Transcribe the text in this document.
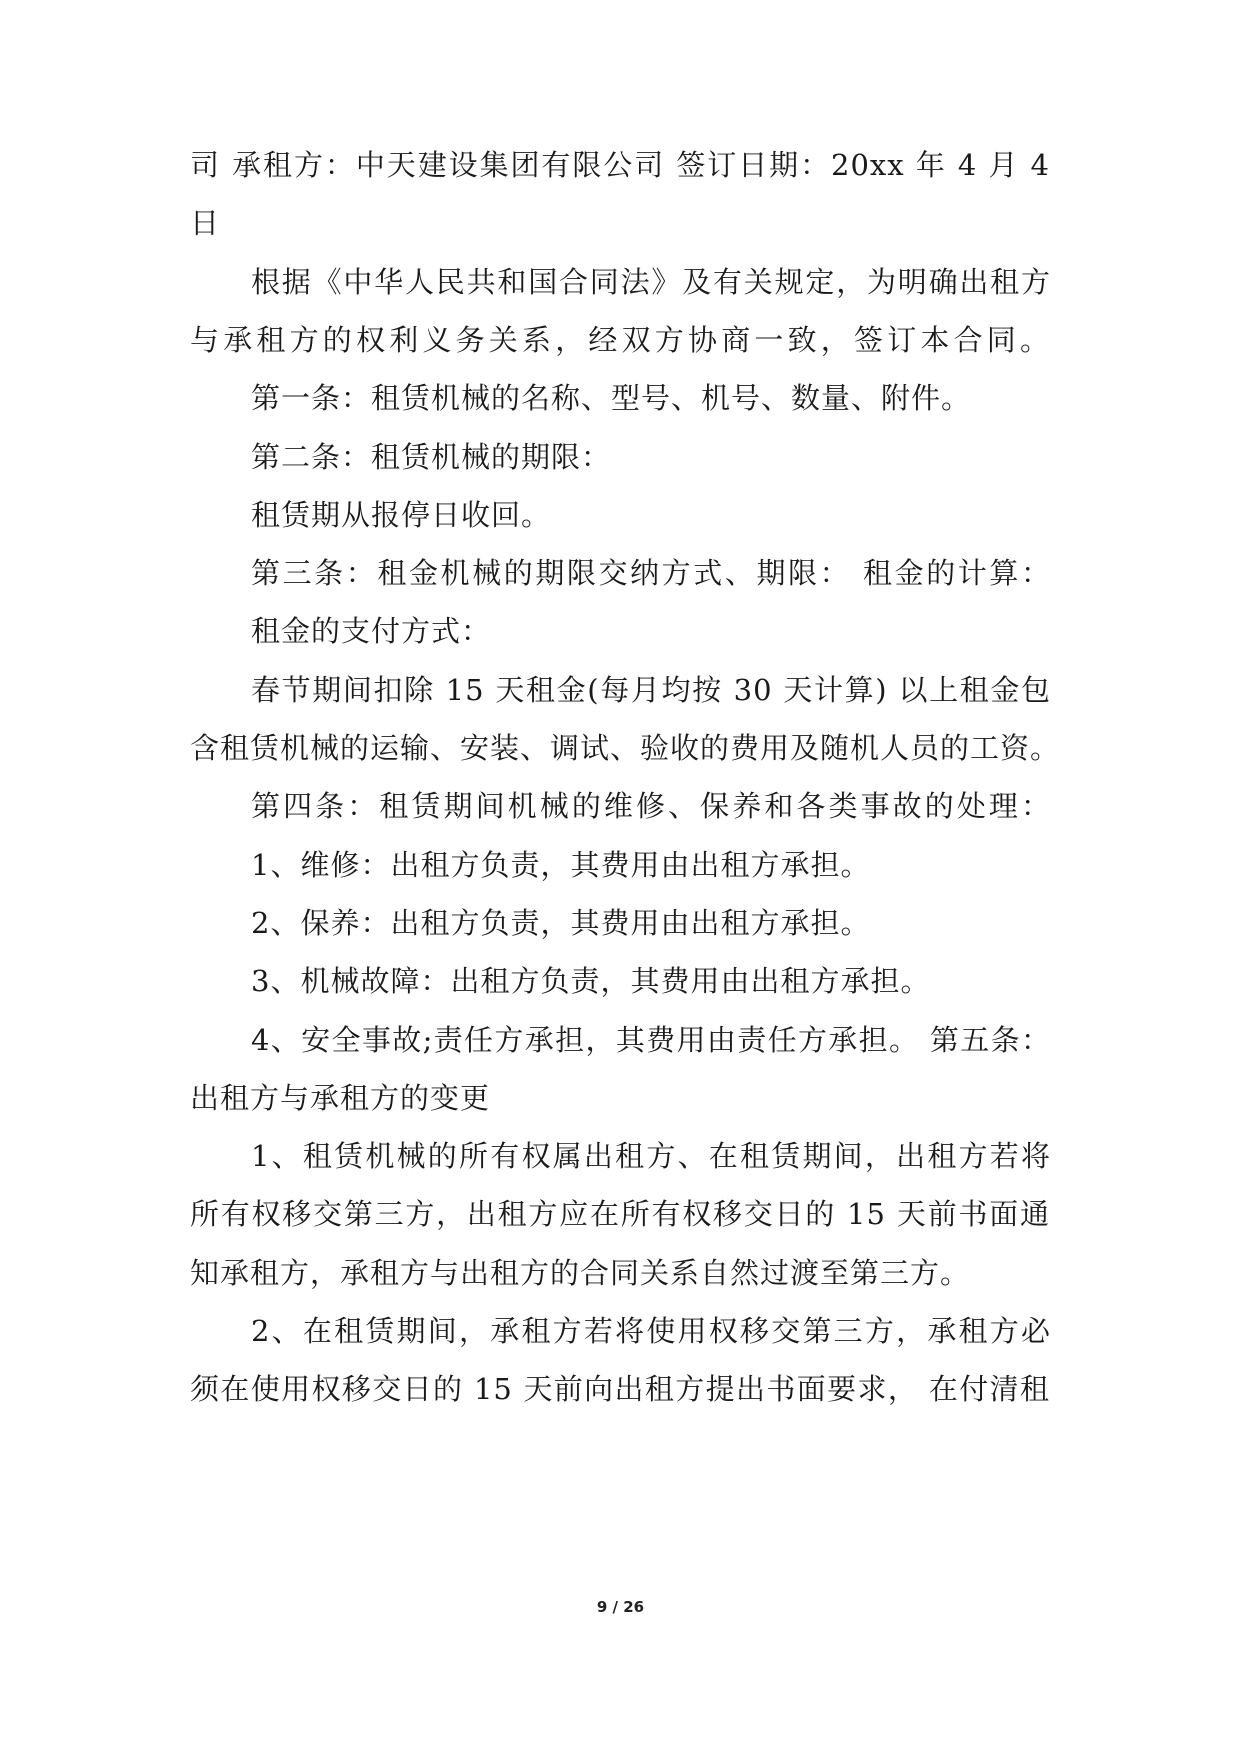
司 承租方：中天建设集团有限公司 签订日期：20xx 年 4 月 4
日
根据《中华人民共和国合同法》及有关规定，为明确出租方
与承租方的权利义务关系，经双方协商一致，签订本合同。
第一条：租赁机械的名称、型号、机号、数量、附件。
第二条：租赁机械的期限：
租赁期从报停日收回。
第三条：租金机械的期限交纳方式、期限： 租金的计算：
租金的支付方式：
春节期间扣除 15 天租金(每月均按 30 天计算) 以上租金包
含租赁机械的运输、安装、调试、验收的费用及随机人员的工资。
第四条：租赁期间机械的维修、保养和各类事故的处理：
1、维修：出租方负责，其费用由出租方承担。
2、保养：出租方负责，其费用由出租方承担。
3、机械故障：出租方负责，其费用由出租方承担。
4、安全事故;责任方承担，其费用由责任方承担。 第五条：
出租方与承租方的变更
1、租赁机械的所有权属出租方、在租赁期间，出租方若将
所有权移交第三方，出租方应在所有权移交日的 15 天前书面通
知承租方，承租方与出租方的合同关系自然过渡至第三方。
2、在租赁期间，承租方若将使用权移交第三方，承租方必
须在使用权移交日的 15 天前向出租方提出书面要求， 在付清租
9 / 26
